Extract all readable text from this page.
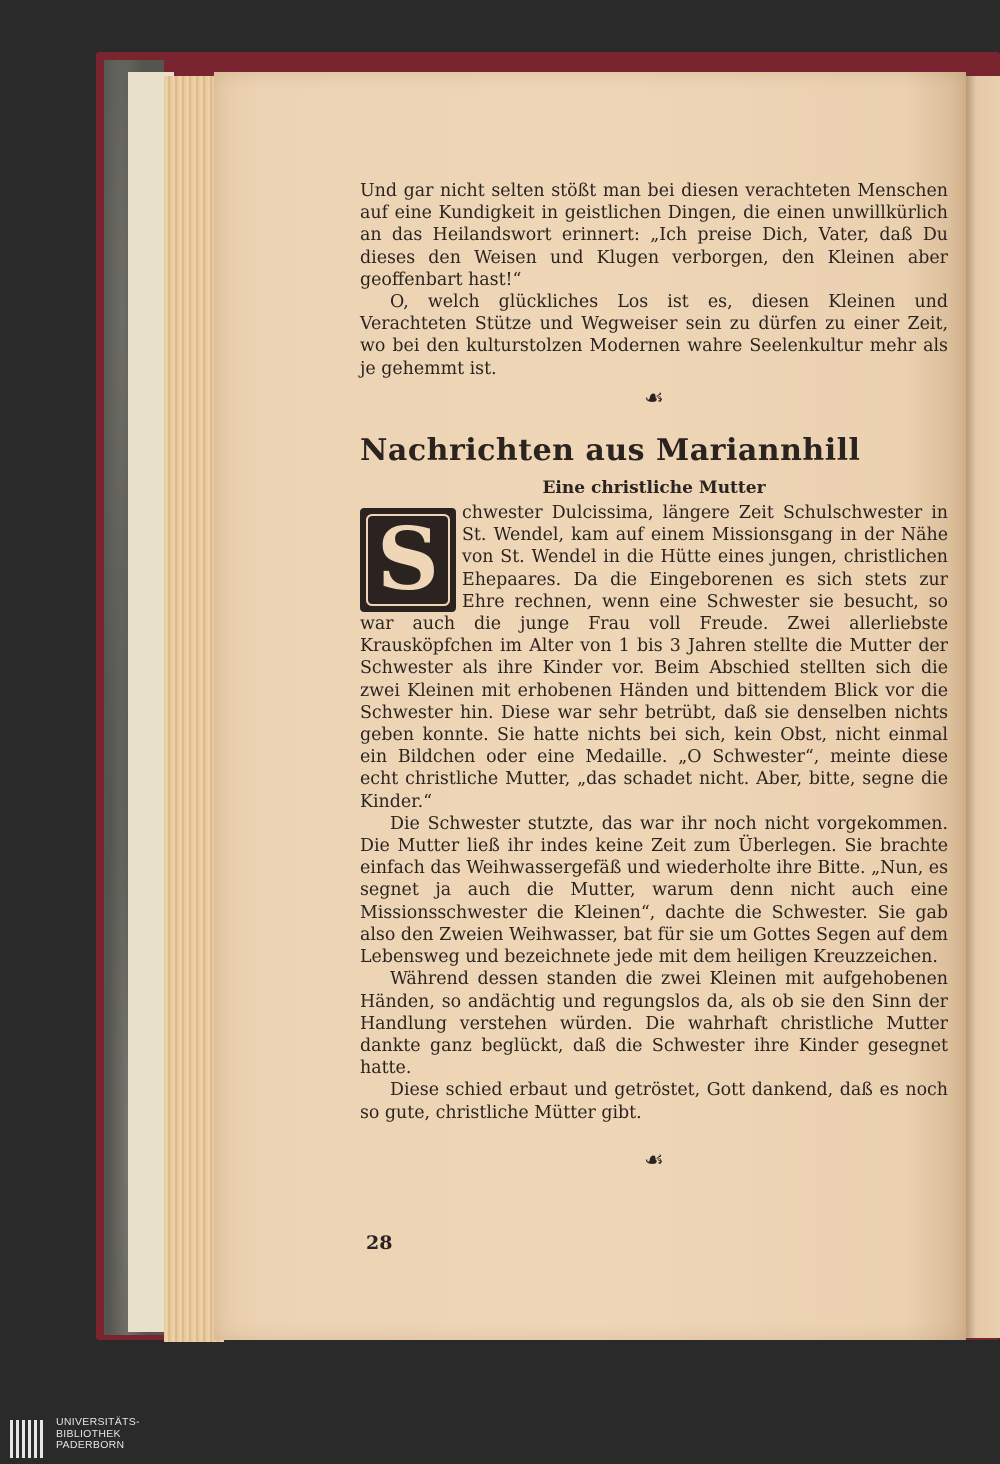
Und gar nicht selten stößt man bei diesen verachteten Menschen auf eine Kundigkeit in geistlichen Dingen, die einen unwillkürlich an das Heilandswort erinnert: „Ich preise Dich, Vater, daß Du dieses den Weisen und Klugen verborgen, den Kleinen aber geoffenbart hast!“

O, welch glückliches Los ist es, diesen Kleinen und Verachteten Stütze und Wegweiser sein zu dürfen zu einer Zeit, wo bei den kulturstolzen Modernen wahre Seelenkultur mehr als je gehemmt ist.

☙
Nachrichten aus Mariannhill
Eine christliche Mutter

S	chwester Dulcissima, längere Zeit Schulschwester in St. Wendel, kam auf einem Missionsgang in der Nähe von St. Wendel in die Hütte eines jungen, christlichen Ehepaares. Da die Eingeborenen es sich stets zur Ehre rechnen, wenn eine Schwester sie besucht, so war auch die junge Frau voll Freude. Zwei allerliebste Krausköpfchen im Alter von 1 bis 3 Jahren stellte die Mutter der Schwester als ihre Kinder vor. Beim Abschied stellten sich die zwei Kleinen mit erhobenen Händen und bittendem Blick vor die Schwester hin. Diese war sehr betrübt, daß sie denselben nichts geben konnte. Sie hatte nichts bei sich, kein Obst, nicht einmal ein Bildchen oder eine Medaille. „O Schwester“, meinte diese echt christliche Mutter, „das schadet nicht. Aber, bitte, segne die Kinder.“

Die Schwester stutzte, das war ihr noch nicht vorgekommen. Die Mutter ließ ihr indes keine Zeit zum Überlegen. Sie brachte einfach das Weihwassergefäß und wiederholte ihre Bitte. „Nun, es segnet ja auch die Mutter, warum denn nicht auch eine Missionsschwester die Kleinen“, dachte die Schwester. Sie gab also den Zweien Weihwasser, bat für sie um Gottes Segen auf dem Lebensweg und bezeichnete jede mit dem heiligen Kreuzzeichen.

Während dessen standen die zwei Kleinen mit aufgehobenen Händen, so andächtig und regungslos da, als ob sie den Sinn der Handlung verstehen würden. Die wahrhaft christliche Mutter dankte ganz beglückt, daß die Schwester ihre Kinder gesegnet hatte.

Diese schied erbaut und getröstet, Gott dankend, daß es noch so gute, christliche Mütter gibt.

☙
28
UNIVERSITÄTS-
BIBLIOTHEK
PADERBORN
